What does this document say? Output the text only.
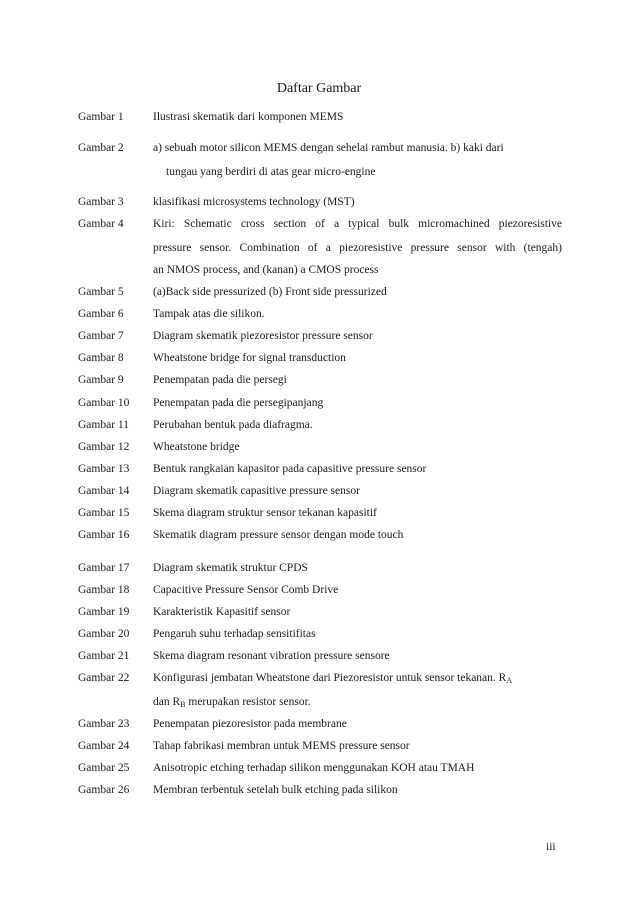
Daftar Gambar
Gambar 1	Ilustrasi skematik dari komponen MEMS
Gambar 2	a) sebuah motor silicon MEMS dengan sehelai rambut manusia. b) kaki dari
tungau yang berdiri di atas gear micro-engine
Gambar 3	klasifikasi microsystems technology (MST)
Gambar 4	Kiri: Schematic cross section of a typical bulk micromachined piezoresistive
pressure sensor. Combination of a piezoresistive pressure sensor with (tengah)
an NMOS process, and (kanan) a CMOS process
Gambar 5	(a)Back side pressurized (b) Front side pressurized
Gambar 6	Tampak atas die silikon.
Gambar 7	Diagram skematik piezoresistor pressure sensor
Gambar 8	Wheatstone bridge for signal transduction
Gambar 9	Penempatan pada die persegi
Gambar 10 Penempatan pada die persegipanjang
Gambar 11 Perubahan bentuk pada diafragma.
Gambar 12 Wheatstone bridge
Gambar 13 Bentuk rangkaian kapasitor pada capasitive pressure sensor
Gambar 14 Diagram skematik capasitive pressure sensor
Gambar 15 Skema diagram struktur sensor tekanan kapasitif
Gambar 16 Skematik diagram pressure sensor dengan mode touch
Gambar 17 Diagram skematik struktur CPDS
Gambar 18 Capacitive Pressure Sensor Comb Drive
Gambar 19 Karakteristik Kapasitif sensor
Gambar 20 Pengaruh suhu terhadap sensitifitas
Gambar 21 Skema diagram resonant vibration pressure sensore
Gambar 22 Konfigurasi jembatan Wheatstone dari Piezoresistor untuk sensor tekanan. $R_A$
dan $R_B$ merupakan resistor sensor.
Gambar 23 Penempatan piezoresistor pada membrane
Gambar 24 Tahap fabrikasi membran untuk MEMS pressure sensor
Gambar 25 Anisotropic etching terhadap silikon menggunakan KOH atau TMAH
Gambar 26 Membran terbentuk setelah bulk etching pada silikon
iii
